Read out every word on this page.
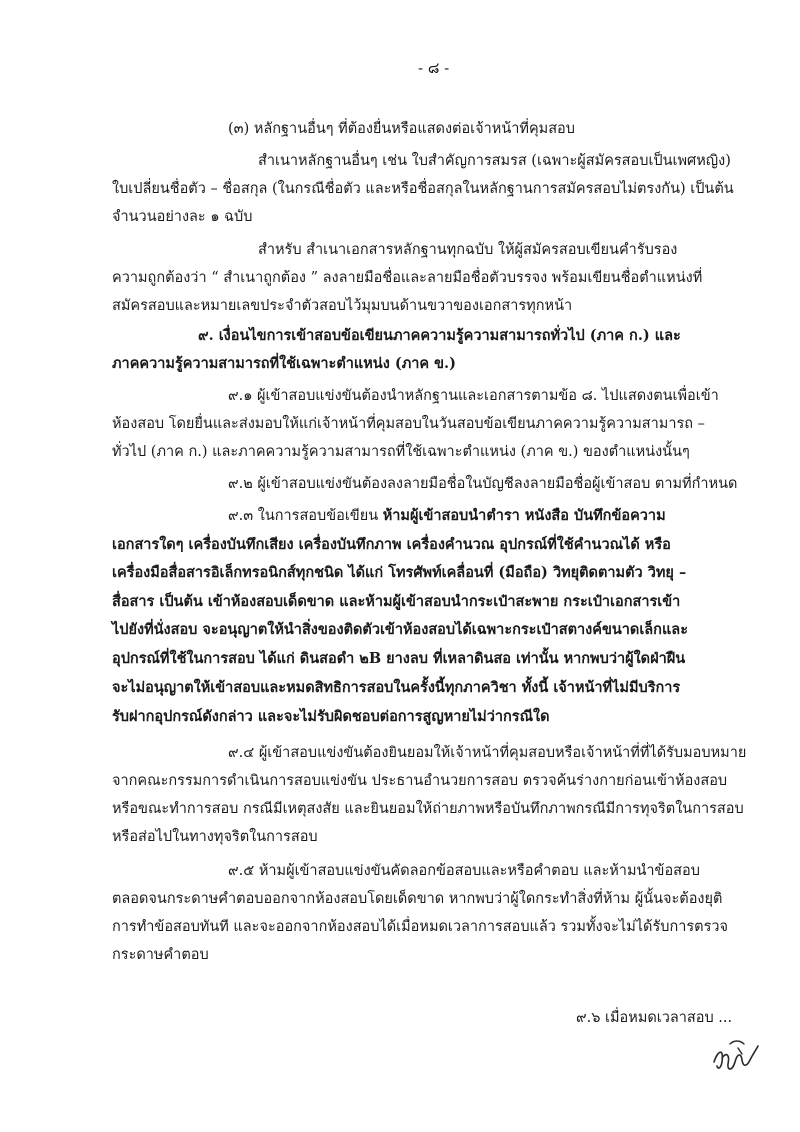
- ๘ -
(๓) หลักฐานอื่นๆ ที่ต้องยื่นหรือแสดงต่อเจ้าหน้าที่คุมสอบ
สำเนาหลักฐานอื่นๆ เช่น ใบสำคัญการสมรส (เฉพาะผู้สมัครสอบเป็นเพศหญิง)
ใบเปลี่ยนชื่อตัว – ชื่อสกุล (ในกรณีชื่อตัว และหรือชื่อสกุลในหลักฐานการสมัครสอบไม่ตรงกัน) เป็นต้น
จำนวนอย่างละ ๑ ฉบับ
สำหรับ สำเนาเอกสารหลักฐานทุกฉบับ ให้ผู้สมัครสอบเขียนคำรับรอง
ความถูกต้องว่า “ สำเนาถูกต้อง ” ลงลายมือชื่อและลายมือชื่อตัวบรรจง พร้อมเขียนชื่อตำแหน่งที่
สมัครสอบและหมายเลขประจำตัวสอบไว้มุมบนด้านขวาของเอกสารทุกหน้า
๙. เงื่อนไขการเข้าสอบข้อเขียนภาคความรู้ความสามารถทั่วไป (ภาค ก.) และ
ภาคความรู้ความสามารถที่ใช้เฉพาะตำแหน่ง (ภาค ข.)
๙.๑ ผู้เข้าสอบแข่งขันต้องนำหลักฐานและเอกสารตามข้อ ๘. ไปแสดงตนเพื่อเข้า
ห้องสอบ โดยยื่นและส่งมอบให้แก่เจ้าหน้าที่คุมสอบในวันสอบข้อเขียนภาคความรู้ความสามารถ –
ทั่วไป (ภาค ก.) และภาคความรู้ความสามารถที่ใช้เฉพาะตำแหน่ง (ภาค ข.) ของตำแหน่งนั้นๆ
๙.๒ ผู้เข้าสอบแข่งขันต้องลงลายมือชื่อในบัญชีลงลายมือชื่อผู้เข้าสอบ ตามที่กำหนด
๙.๓ ในการสอบข้อเขียน ห้ามผู้เข้าสอบนำตำรา หนังสือ บันทึกข้อความ
เอกสารใดๆ เครื่องบันทึกเสียง เครื่องบันทึกภาพ เครื่องคำนวณ อุปกรณ์ที่ใช้คำนวณได้ หรือ
เครื่องมือสื่อสารอิเล็กทรอนิกส์ทุกชนิด ได้แก่ โทรศัพท์เคลื่อนที่ (มือถือ) วิทยุติดตามตัว วิทยุ –
สื่อสาร เป็นต้น เข้าห้องสอบเด็ดขาด และห้ามผู้เข้าสอบนำกระเป๋าสะพาย กระเป๋าเอกสารเข้า
ไปยังที่นั่งสอบ จะอนุญาตให้นำสิ่งของติดตัวเข้าห้องสอบได้เฉพาะกระเป๋าสตางค์ขนาดเล็กและ
อุปกรณ์ที่ใช้ในการสอบ ได้แก่ ดินสอดำ ๒B ยางลบ ที่เหลาดินสอ เท่านั้น หากพบว่าผู้ใดฝ่าฝืน
จะไม่อนุญาตให้เข้าสอบและหมดสิทธิการสอบในครั้งนี้ทุกภาควิชา ทั้งนี้ เจ้าหน้าที่ไม่มีบริการ
รับฝากอุปกรณ์ดังกล่าว และจะไม่รับผิดชอบต่อการสูญหายไม่ว่ากรณีใด
๙.๔ ผู้เข้าสอบแข่งขันต้องยินยอมให้เจ้าหน้าที่คุมสอบหรือเจ้าหน้าที่ที่ได้รับมอบหมาย
จากคณะกรรมการดำเนินการสอบแข่งขัน ประธานอำนวยการสอบ ตรวจค้นร่างกายก่อนเข้าห้องสอบ
หรือขณะทำการสอบ กรณีมีเหตุสงสัย และยินยอมให้ถ่ายภาพหรือบันทึกภาพกรณีมีการทุจริตในการสอบ
หรือส่อไปในทางทุจริตในการสอบ
๙.๕ ห้ามผู้เข้าสอบแข่งขันคัดลอกข้อสอบและหรือคำตอบ และห้ามนำข้อสอบ
ตลอดจนกระดาษคำตอบออกจากห้องสอบโดยเด็ดขาด หากพบว่าผู้ใดกระทำสิ่งที่ห้าม ผู้นั้นจะต้องยุติ
การทำข้อสอบทันที และจะออกจากห้องสอบได้เมื่อหมดเวลาการสอบแล้ว รวมทั้งจะไม่ได้รับการตรวจ
กระดาษคำตอบ
๙.๖ เมื่อหมดเวลาสอบ ...
